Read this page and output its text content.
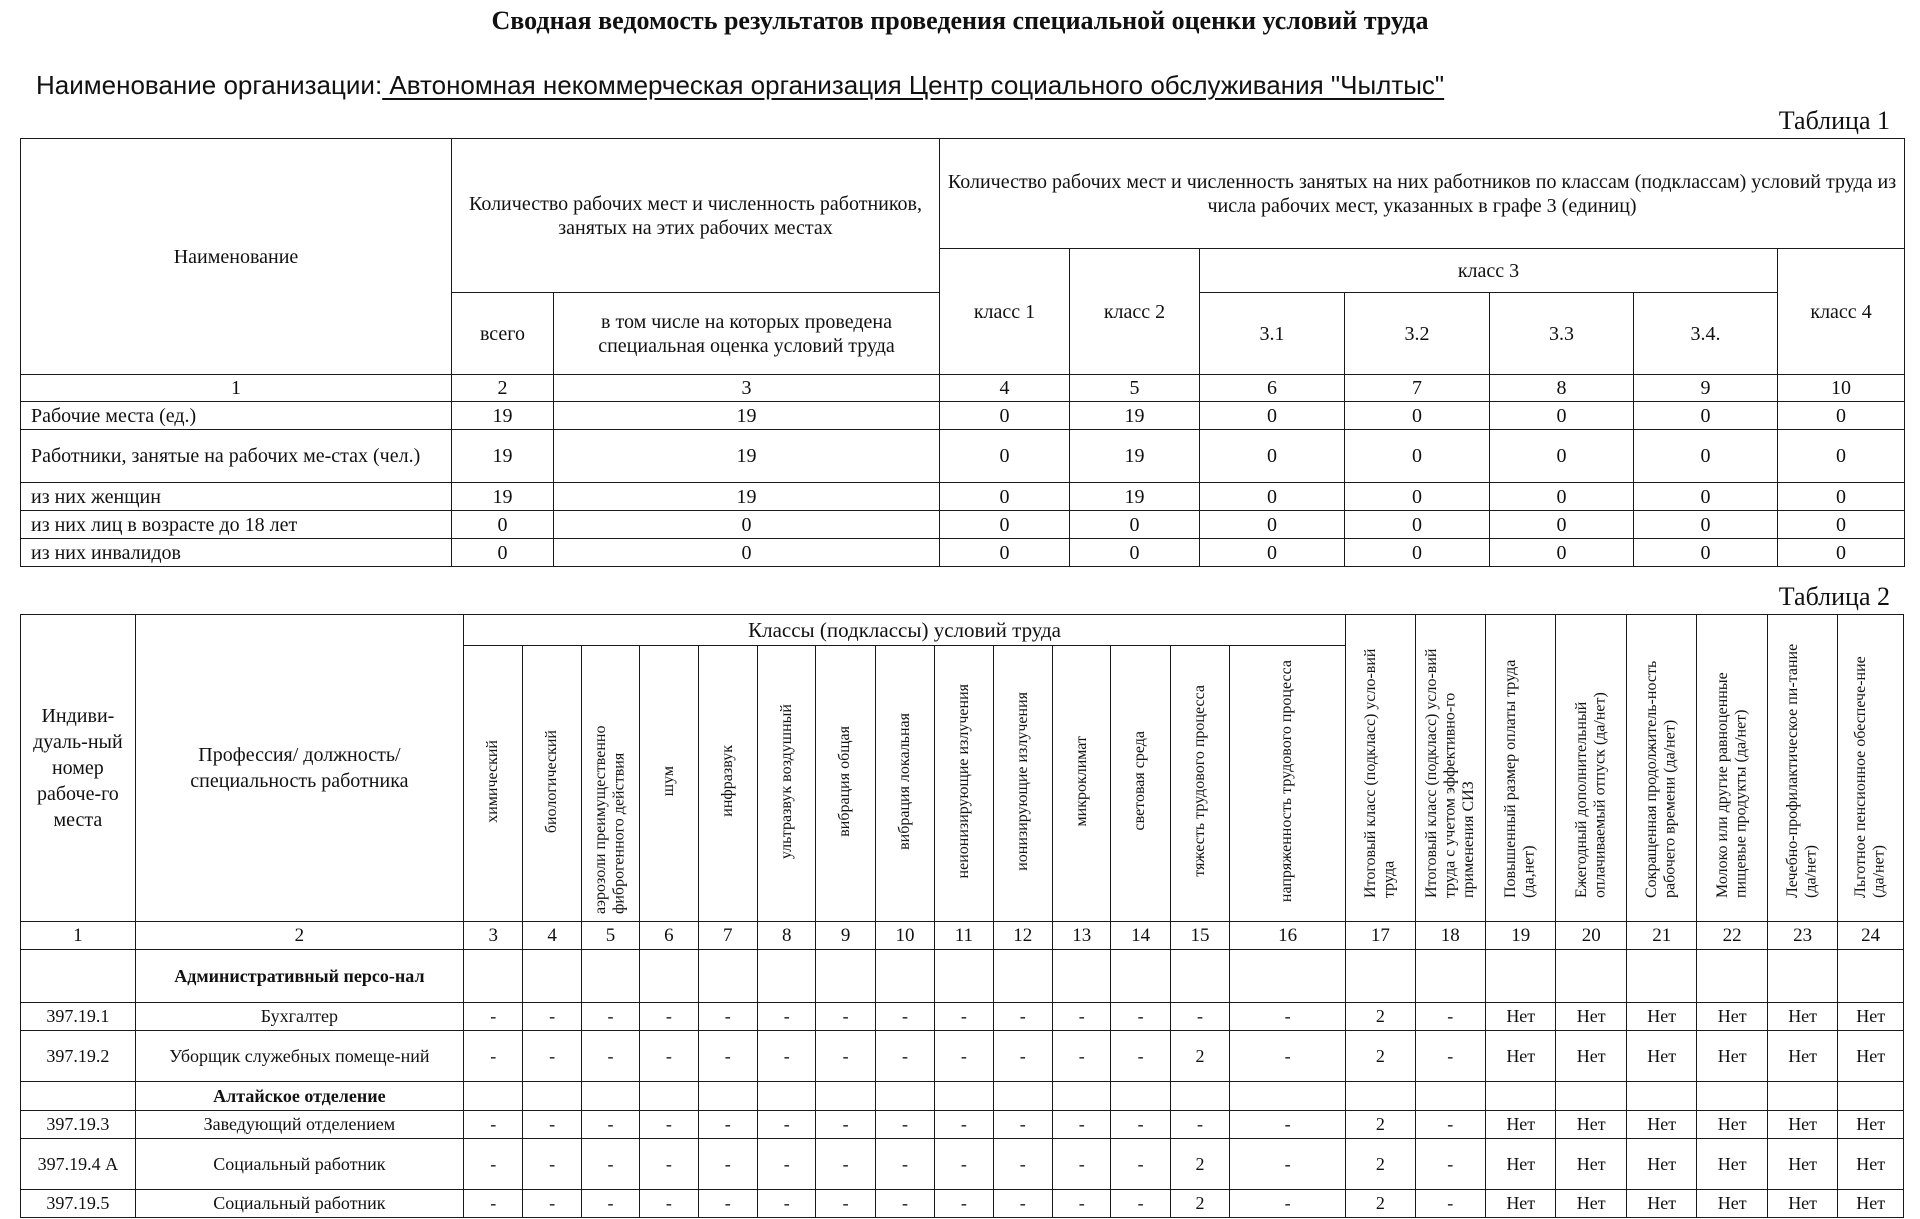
Сводная ведомость результатов проведения специальной оценки условий труда
Наименование организации: Автономная некоммерческая организация Центр социального обслуживания "Чылтыс"
Таблица 1
Наименование	Количество рабочих мест и численность работников, занятых на этих рабочих местах		Количество рабочих мест и численность занятых на них работников по классам (подклассам) условий труда из числа рабочих мест, указанных в графе 3 (единиц)						
			класс 1	класс 2	класс 3				класс 4
	всего	в том числе на которых проведена специальная оценка условий труда			3.1	3.2	3.3	3.4.	
1	2	3	4	5	6	7	8	9	10
Рабочие места (ед.)	19	19	0	19	0	0	0	0	0
Работники, занятые на рабочих ме-стах (чел.)	19	19	0	19	0	0	0	0	0
из них женщин	19	19	0	19	0	0	0	0	0
из них лиц в возрасте до 18 лет	0	0	0	0	0	0	0	0	0
из них инвалидов	0	0	0	0	0	0	0	0	0
Таблица 2
Индиви-дуаль-ный номер рабоче-го места	Профессия/ должность/ специальность работника	Классы (подклассы) условий труда														Итоговый класс (подкласс) усло-вий труда	Итоговый класс (подкласс) усло-вий труда с учетом эффективно-го применения СИЗ	Повышенный размер оплаты труда (да,нет)	Ежегодный дополнительный оплачиваемый отпуск (да/нет)	Сокращенная продолжитель-ность рабочего времени (да/нет)	Молоко или другие равноценные пищевые продукты (да/нет)	Лечебно-профилактическое пи-тание (да/нет)	Льготное пенсионное обеспече-ние (да/нет)
		химический	биологический	аэрозоли преимущественно фиброгенного действия	шум	инфразвук	ультразвук воздушный	вибрация общая	вибрация локальная	неионизирующие излучения	ионизирующие излучения	микроклимат	световая среда	тяжесть трудового процесса	напряженность трудового процесса								
1	2	3	4	5	6	7	8	9	10	11	12	13	14	15	16	17	18	19	20	21	22	23	24
	Административный персо-нал																						
397.19.1	Бухгалтер	-	-	-	-	-	-	-	-	-	-	-	-	-	-	2	-	Нет	Нет	Нет	Нет	Нет	Нет
397.19.2	Уборщик служебных помеще-ний	-	-	-	-	-	-	-	-	-	-	-	-	2	-	2	-	Нет	Нет	Нет	Нет	Нет	Нет
	Алтайское отделение																						
397.19.3	Заведующий отделением	-	-	-	-	-	-	-	-	-	-	-	-	-	-	2	-	Нет	Нет	Нет	Нет	Нет	Нет
397.19.4 А	Социальный работник	-	-	-	-	-	-	-	-	-	-	-	-	2	-	2	-	Нет	Нет	Нет	Нет	Нет	Нет
397.19.5	Социальный работник	-	-	-	-	-	-	-	-	-	-	-	-	2	-	2	-	Нет	Нет	Нет	Нет	Нет	Нет
